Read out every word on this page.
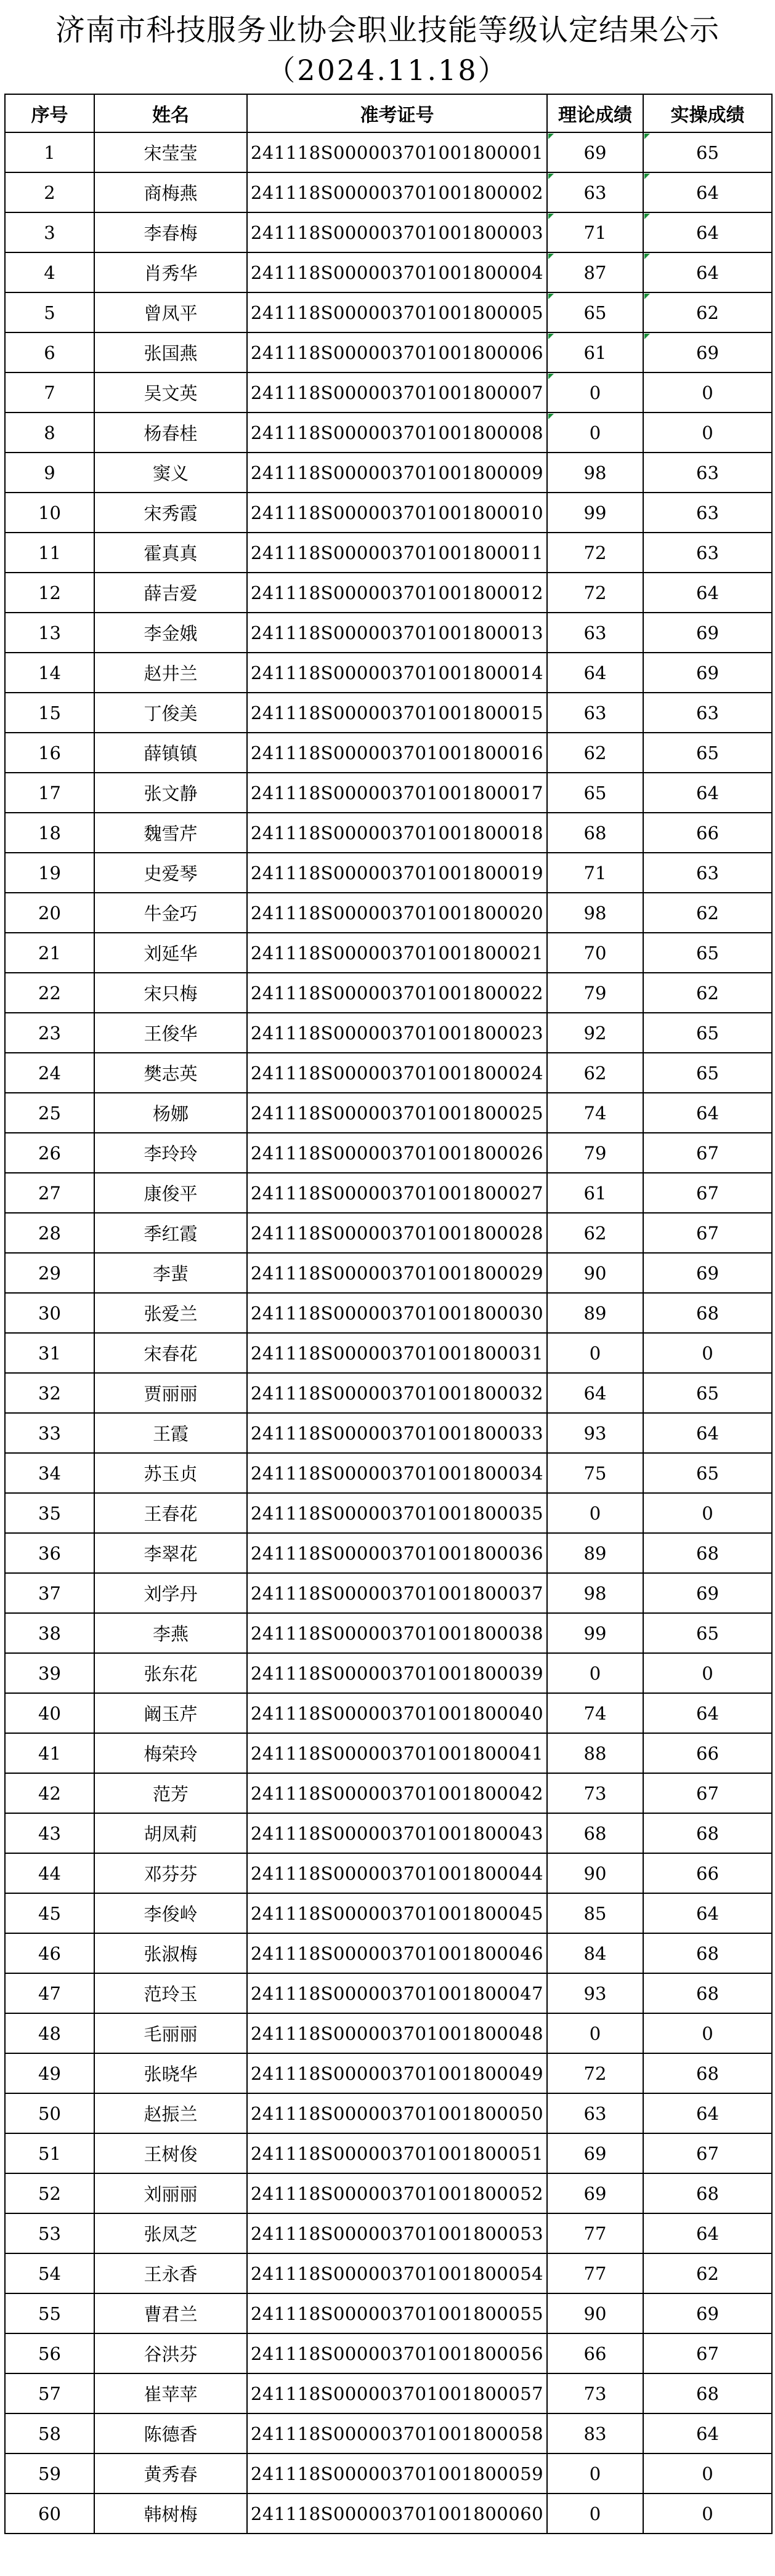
济南市科技服务业协会职业技能等级认定结果公示
（2024.11.18）
序号	姓名	准考证号	理论成绩	实操成绩
1	宋莹莹	241118S000003701001800001	69	65
2	商梅燕	241118S000003701001800002	63	64
3	李春梅	241118S000003701001800003	71	64
4	肖秀华	241118S000003701001800004	87	64
5	曾凤平	241118S000003701001800005	65	62
6	张国燕	241118S000003701001800006	61	69
7	吴文英	241118S000003701001800007	0	0
8	杨春桂	241118S000003701001800008	0	0
9	窦义	241118S000003701001800009	98	63
10	宋秀霞	241118S000003701001800010	99	63
11	霍真真	241118S000003701001800011	72	63
12	薛吉爱	241118S000003701001800012	72	64
13	李金娥	241118S000003701001800013	63	69
14	赵井兰	241118S000003701001800014	64	69
15	丁俊美	241118S000003701001800015	63	63
16	薛镇镇	241118S000003701001800016	62	65
17	张文静	241118S000003701001800017	65	64
18	魏雪芹	241118S000003701001800018	68	66
19	史爱琴	241118S000003701001800019	71	63
20	牛金巧	241118S000003701001800020	98	62
21	刘延华	241118S000003701001800021	70	65
22	宋只梅	241118S000003701001800022	79	62
23	王俊华	241118S000003701001800023	92	65
24	樊志英	241118S000003701001800024	62	65
25	杨娜	241118S000003701001800025	74	64
26	李玲玲	241118S000003701001800026	79	67
27	康俊平	241118S000003701001800027	61	67
28	季红霞	241118S000003701001800028	62	67
29	李蜚	241118S000003701001800029	90	69
30	张爱兰	241118S000003701001800030	89	68
31	宋春花	241118S000003701001800031	0	0
32	贾丽丽	241118S000003701001800032	64	65
33	王霞	241118S000003701001800033	93	64
34	苏玉贞	241118S000003701001800034	75	65
35	王春花	241118S000003701001800035	0	0
36	李翠花	241118S000003701001800036	89	68
37	刘学丹	241118S000003701001800037	98	69
38	李燕	241118S000003701001800038	99	65
39	张东花	241118S000003701001800039	0	0
40	阚玉芹	241118S000003701001800040	74	64
41	梅荣玲	241118S000003701001800041	88	66
42	范芳	241118S000003701001800042	73	67
43	胡凤莉	241118S000003701001800043	68	68
44	邓芬芬	241118S000003701001800044	90	66
45	李俊岭	241118S000003701001800045	85	64
46	张淑梅	241118S000003701001800046	84	68
47	范玲玉	241118S000003701001800047	93	68
48	毛丽丽	241118S000003701001800048	0	0
49	张晓华	241118S000003701001800049	72	68
50	赵振兰	241118S000003701001800050	63	64
51	王树俊	241118S000003701001800051	69	67
52	刘丽丽	241118S000003701001800052	69	68
53	张凤芝	241118S000003701001800053	77	64
54	王永香	241118S000003701001800054	77	62
55	曹君兰	241118S000003701001800055	90	69
56	谷洪芬	241118S000003701001800056	66	67
57	崔苹苹	241118S000003701001800057	73	68
58	陈德香	241118S000003701001800058	83	64
59	黄秀春	241118S000003701001800059	0	0
60	韩树梅	241118S000003701001800060	0	0
